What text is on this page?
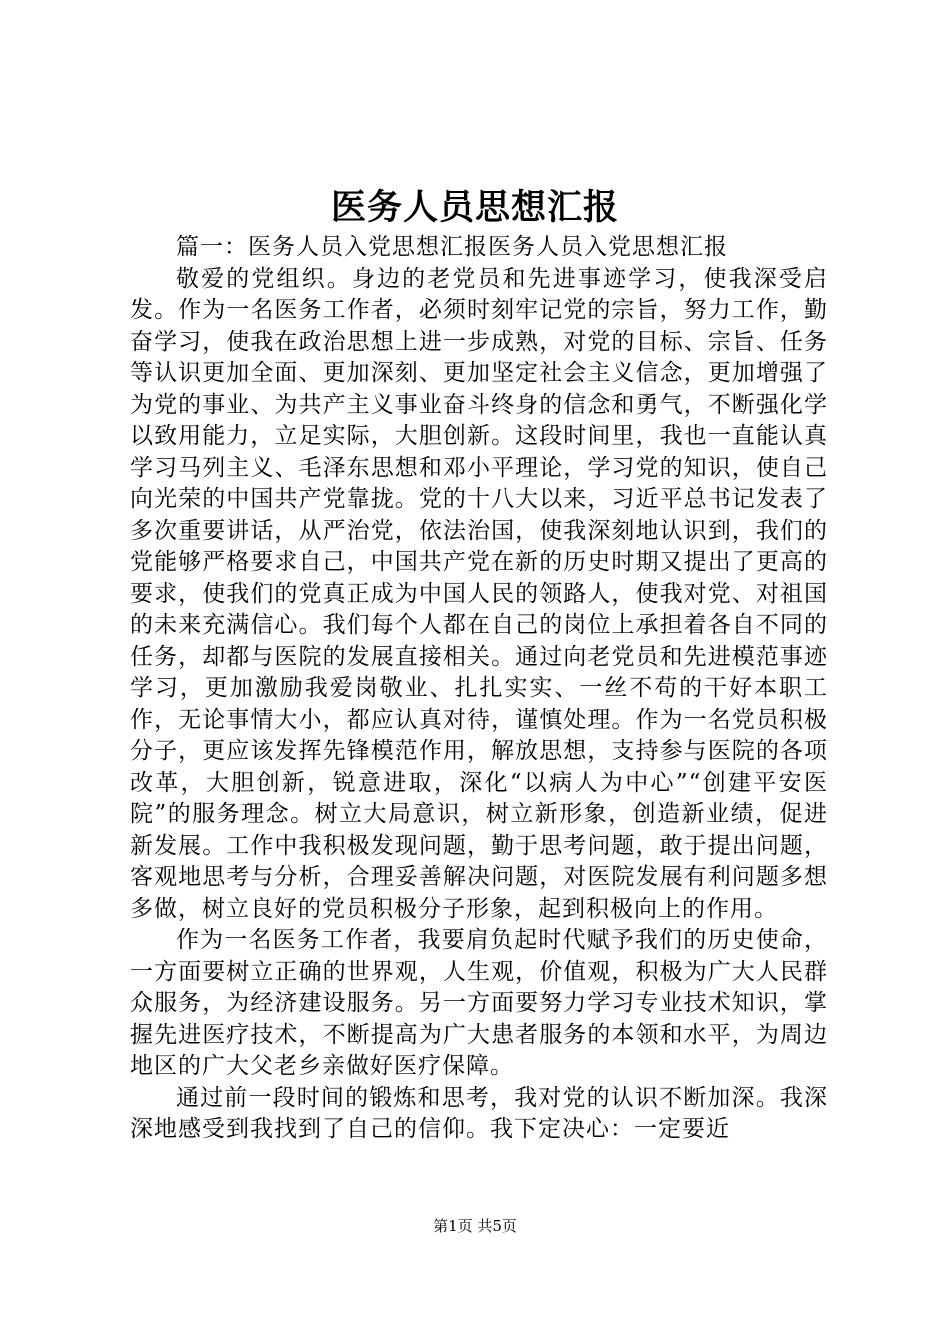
医务人员思想汇报

篇一：医务人员入党思想汇报医务人员入党思想汇报

敬爱的党组织。身边的老党员和先进事迹学习，使我深受启发。作为一名医务工作者，必须时刻牢记党的宗旨，努力工作，勤奋学习，使我在政治思想上进一步成熟，对党的目标、宗旨、任务等认识更加全面、更加深刻、更加坚定社会主义信念，更加增强了为党的事业、为共产主义事业奋斗终身的信念和勇气，不断强化学以致用能力，立足实际，大胆创新。这段时间里，我也一直能认真学习马列主义、毛泽东思想和邓小平理论，学习党的知识，使自己向光荣的中国共产党靠拢。党的十八大以来，习近平总书记发表了多次重要讲话，从严治党，依法治国，使我深刻地认识到，我们的党能够严格要求自己，中国共产党在新的历史时期又提出了更高的要求，使我们的党真正成为中国人民的领路人，使我对党、对祖国的未来充满信心。我们每个人都在自己的岗位上承担着各自不同的任务，却都与医院的发展直接相关。通过向老党员和先进模范事迹学习，更加激励我爱岗敬业、扎扎实实、一丝不苟的干好本职工作，无论事情大小，都应认真对待，谨慎处理。作为一名党员积极分子，更应该发挥先锋模范作用，解放思想，支持参与医院的各项改革，大胆创新，锐意进取，深化“以病人为中心”“创建平安医院”的服务理念。树立大局意识，树立新形象，创造新业绩，促进新发展。工作中我积极发现问题，勤于思考问题，敢于提出问题，客观地思考与分析，合理妥善解决问题，对医院发展有利问题多想多做，树立良好的党员积极分子形象，起到积极向上的作用。

作为一名医务工作者，我要肩负起时代赋予我们的历史使命，一方面要树立正确的世界观，人生观，价值观，积极为广大人民群众服务，为经济建设服务。另一方面要努力学习专业技术知识，掌握先进医疗技术，不断提高为广大患者服务的本领和水平，为周边地区的广大父老乡亲做好医疗保障。

通过前一段时间的锻炼和思考，我对党的认识不断加深。我深深地感受到我找到了自己的信仰。我下定决心：一定要近

第1页 共5页
